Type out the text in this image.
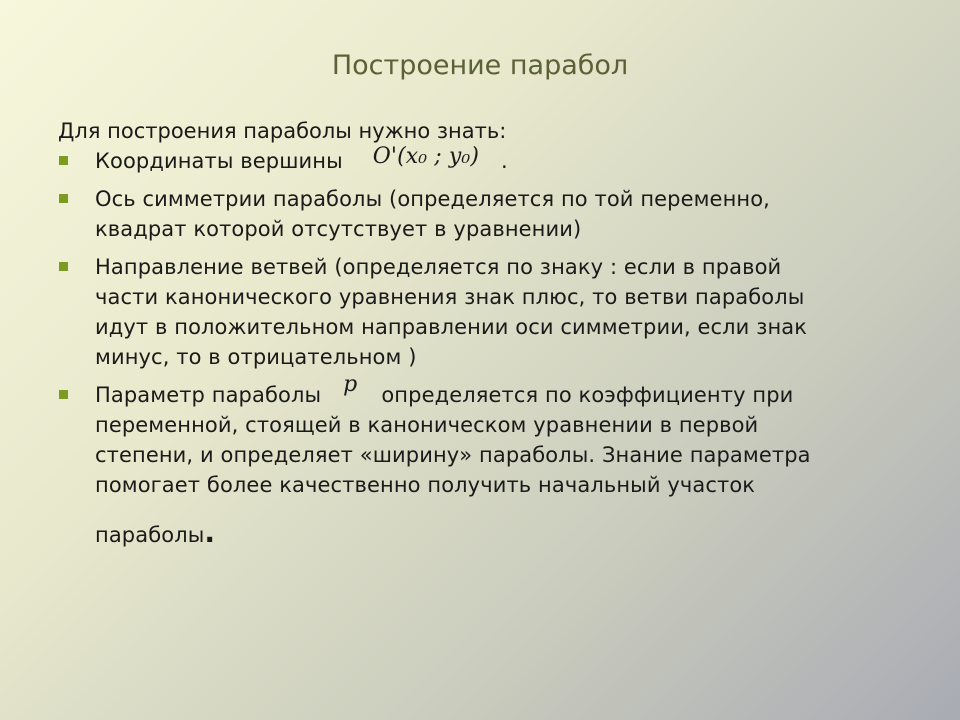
Построение парабол
Для построения параболы нужно знать:
Координаты вершины O'(x₀ ; y₀) .
Ось симметрии параболы (определяется по той переменно,
квадрат которой отсутствует в уравнении)
Направление ветвей (определяется по знаку : если в правой
части канонического уравнения знак плюс, то ветви параболы
идут в положительном направлении оси симметрии, если знак
минус, то в отрицательном )
Параметр параболы p определяется по коэффициенту при
переменной, стоящей в каноническом уравнении в первой
степени, и определяет «ширину» параболы. Знание параметра
помогает более качественно получить начальный участок
параболы.
